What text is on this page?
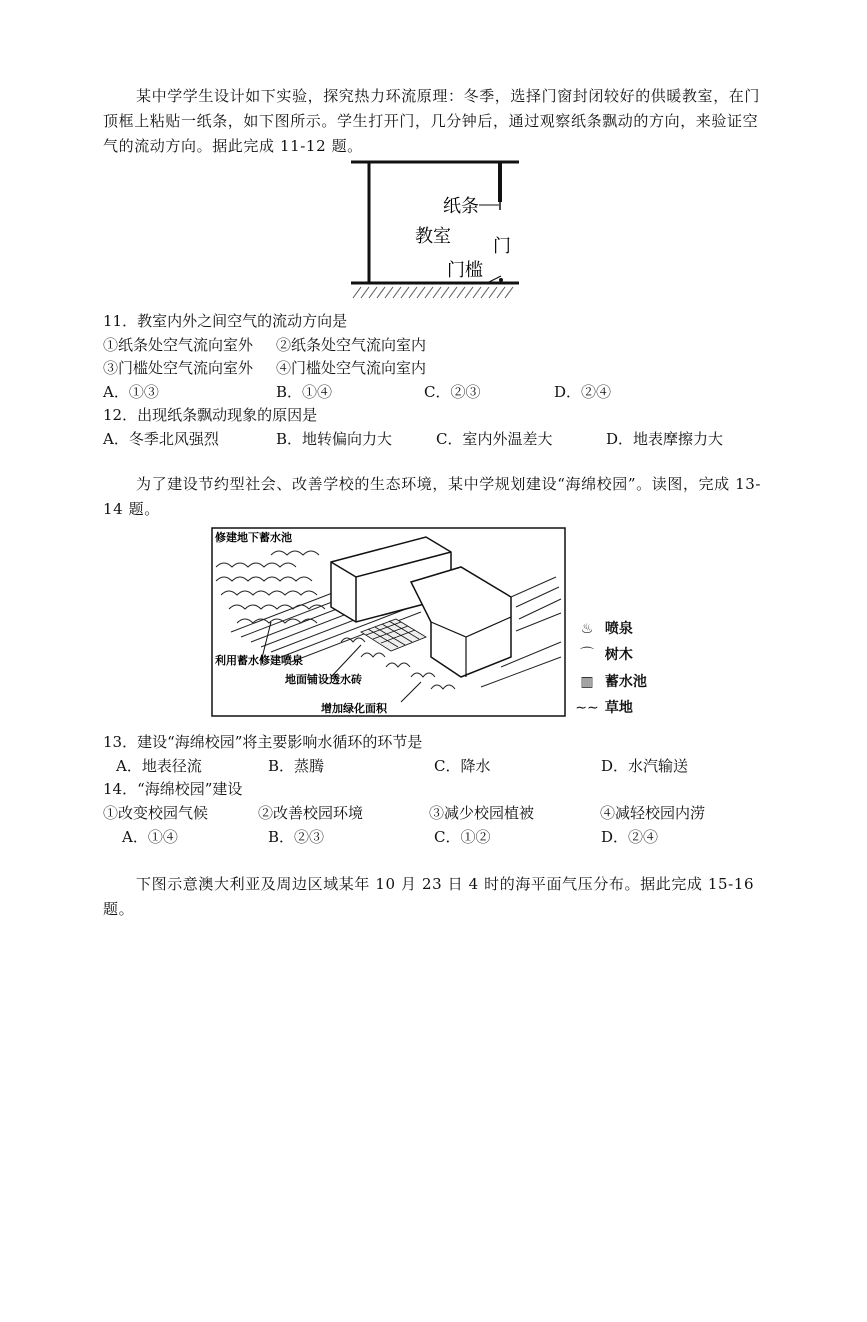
某中学学生设计如下实验，探究热力环流原理：冬季，选择门窗封闭较好的供暖教室，在门顶框上粘贴一纸条，如下图所示。学生打开门，几分钟后，通过观察纸条飘动的方向，来验证空气的流动方向。据此完成 11-12 题。

纸条
教室 门
门槛
11．教室内外之间空气的流动方向是
①纸条处空气流向室外 ②纸条处空气流向室内
③门槛处空气流向室外 ④门槛处空气流向室内
A．①③	B．①④	C．②③	D．②④
12．出现纸条飘动现象的原因是
A．冬季北风强烈	B．地转偏向力大	C．室内外温差大	D．地表摩擦力大

为了建设节约型社会、改善学校的生态环境，某中学规划建设“海绵校园”。读图，完成 13-14 题。

修建地下蓄水池
利用蓄水修建喷泉
地面铺设透水砖
增加绿化面积
♨ 喷泉
⌒ 树木
▥ 蓄水池
∼∼ 草地
13．建设“海绵校园”将主要影响水循环的环节是
A．地表径流	B．蒸腾	C．降水	D．水汽输送
14．“海绵校园”建设
①改变校园气候	②改善校园环境	③减少校园植被	④减轻校园内涝
A．①④	B．②③	C．①②	D．②④

下图示意澳大利亚及周边区域某年 10 月 23 日 4 时的海平面气压分布。据此完成 15-16 题。
